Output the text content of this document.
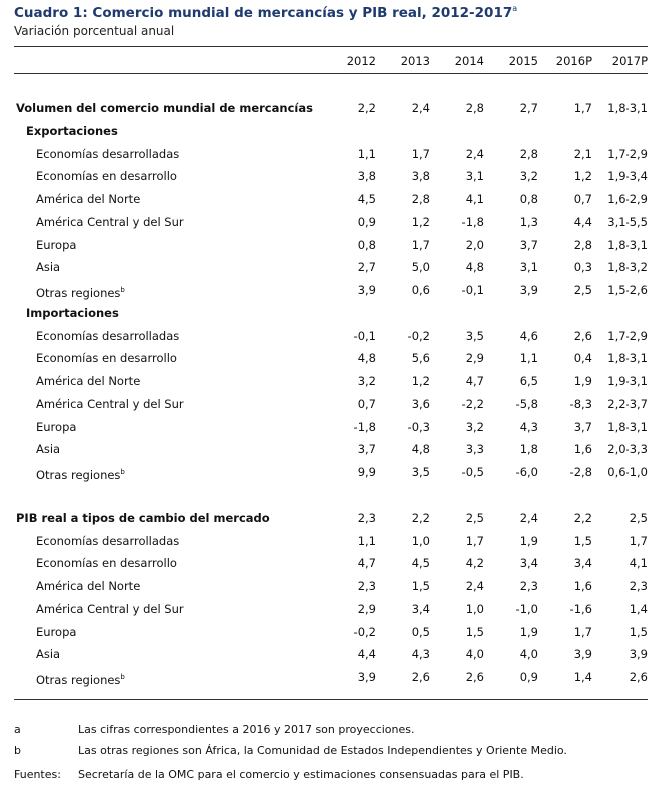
Cuadro 1: Comercio mundial de mercancías y PIB real, 2012-2017$^a$
Variación porcentual anual
2012	2013	2014	2015	2016P	2017P
Volumen del comercio mundial de mercancías	2,2	2,4	2,8	2,7	1,7	1,8-3,1
Exportaciones
Economías desarrolladas	1,1	1,7	2,4	2,8	2,1	1,7-2,9
Economías en desarrollo	3,8	3,8	3,1	3,2	1,2	1,9-3,4
América del Norte	4,5	2,8	4,1	0,8	0,7	1,6-2,9
América Central y del Sur	0,9	1,2	-1,8	1,3	4,4	3,1-5,5
Europa	0,8	1,7	2,0	3,7	2,8	1,8-3,1
Asia	2,7	5,0	4,8	3,1	0,3	1,8-3,2
Otras regiones$^b$	3,9	0,6	-0,1	3,9	2,5	1,5-2,6
Importaciones
Economías desarrolladas	-0,1	-0,2	3,5	4,6	2,6	1,7-2,9
Economías en desarrollo	4,8	5,6	2,9	1,1	0,4	1,8-3,1
América del Norte	3,2	1,2	4,7	6,5	1,9	1,9-3,1
América Central y del Sur	0,7	3,6	-2,2	-5,8	-8,3	2,2-3,7
Europa	-1,8	-0,3	3,2	4,3	3,7	1,8-3,1
Asia	3,7	4,8	3,3	1,8	1,6	2,0-3,3
Otras regiones$^b$	9,9	3,5	-0,5	-6,0	-2,8	0,6-1,0
PIB real a tipos de cambio del mercado	2,3	2,2	2,5	2,4	2,2	2,5
Economías desarrolladas	1,1	1,0	1,7	1,9	1,5	1,7
Economías en desarrollo	4,7	4,5	4,2	3,4	3,4	4,1
América del Norte	2,3	1,5	2,4	2,3	1,6	2,3
América Central y del Sur	2,9	3,4	1,0	-1,0	-1,6	1,4
Europa	-0,2	0,5	1,5	1,9	1,7	1,5
Asia	4,4	4,3	4,0	4,0	3,9	3,9
Otras regiones$^b$	3,9	2,6	2,6	0,9	1,4	2,6
a	Las cifras correspondientes a 2016 y 2017 son proyecciones.
b	Las otras regiones son África, la Comunidad de Estados Independientes y Oriente Medio.
Fuentes: Secretaría de la OMC para el comercio y estimaciones consensuadas para el PIB.
